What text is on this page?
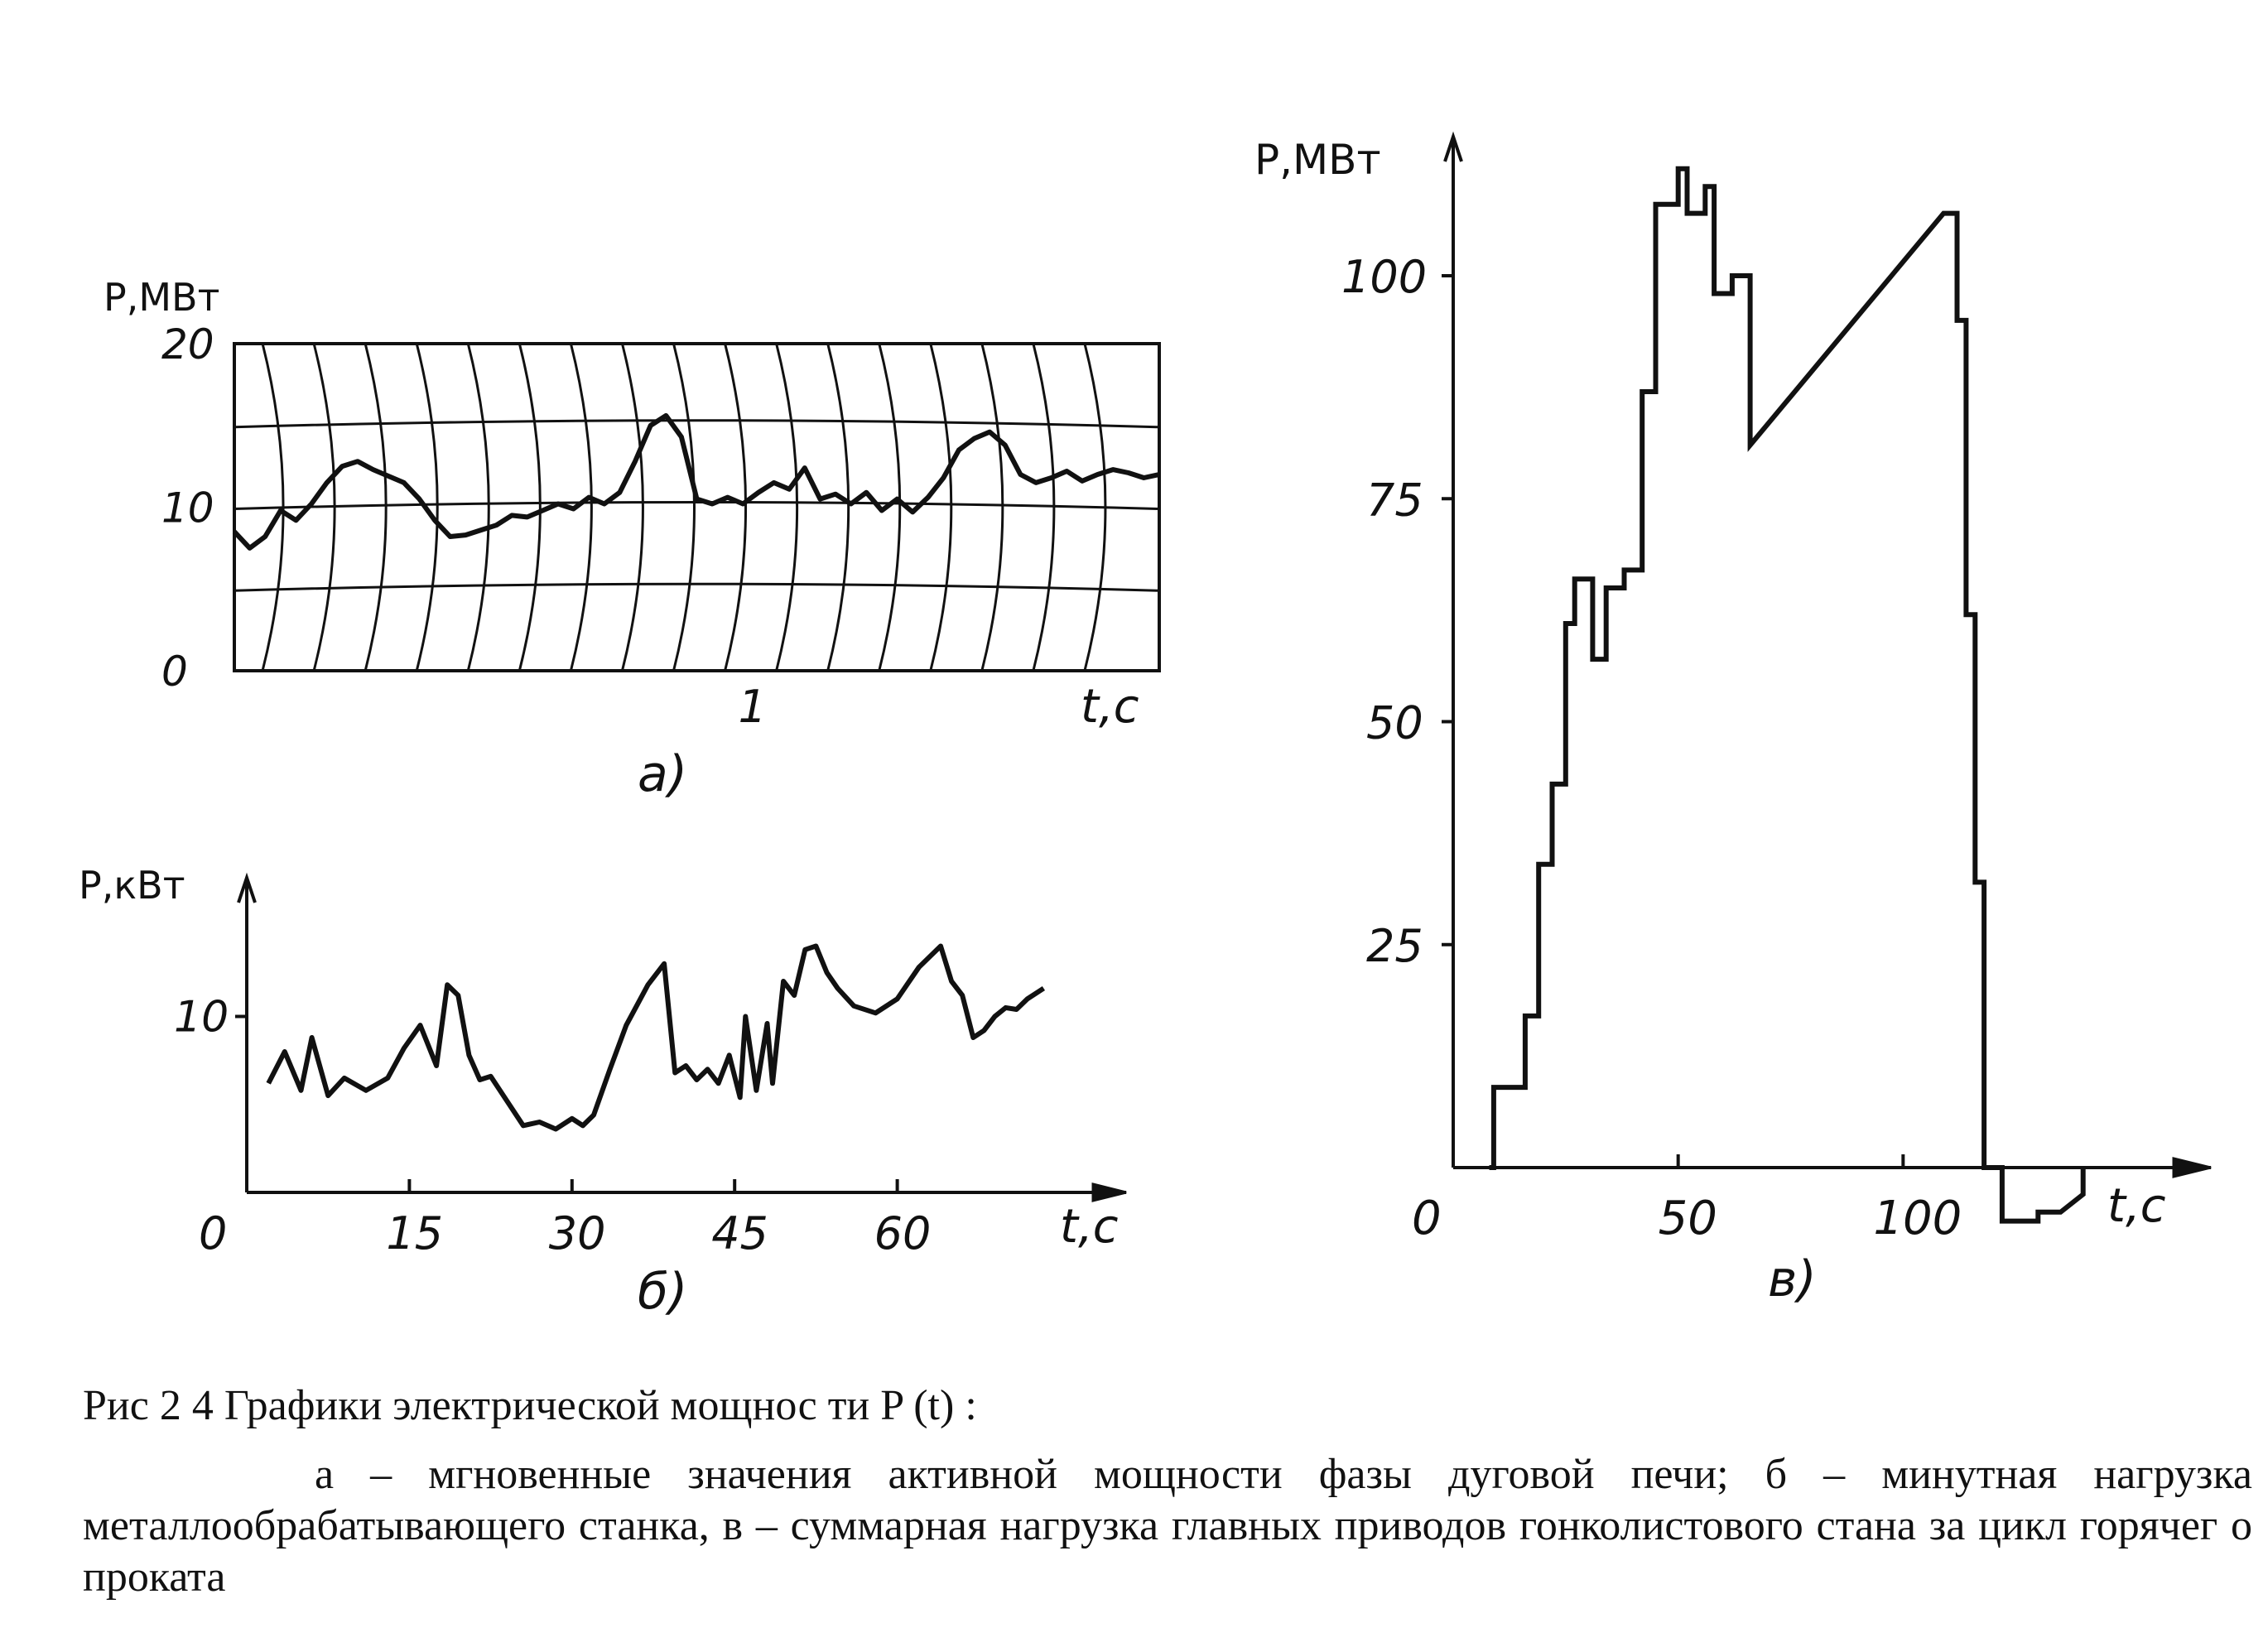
P,МВт
0
10
20
1	t,c
a)
P,кВт
10
0	15 30 45 60	t,c
б)
P,МВт
25
50
75
100
0	50	100	t,c
в)
Рис 2 4 Графики электрической мощнос ти P (t) :
а – мгновенные значения активной мощности фазы дуговой печи; б – минутная нагрузка металлообрабатывающего станка, в – суммарная нагрузка главных приводов гонколистового стана за цикл горячег о проката
